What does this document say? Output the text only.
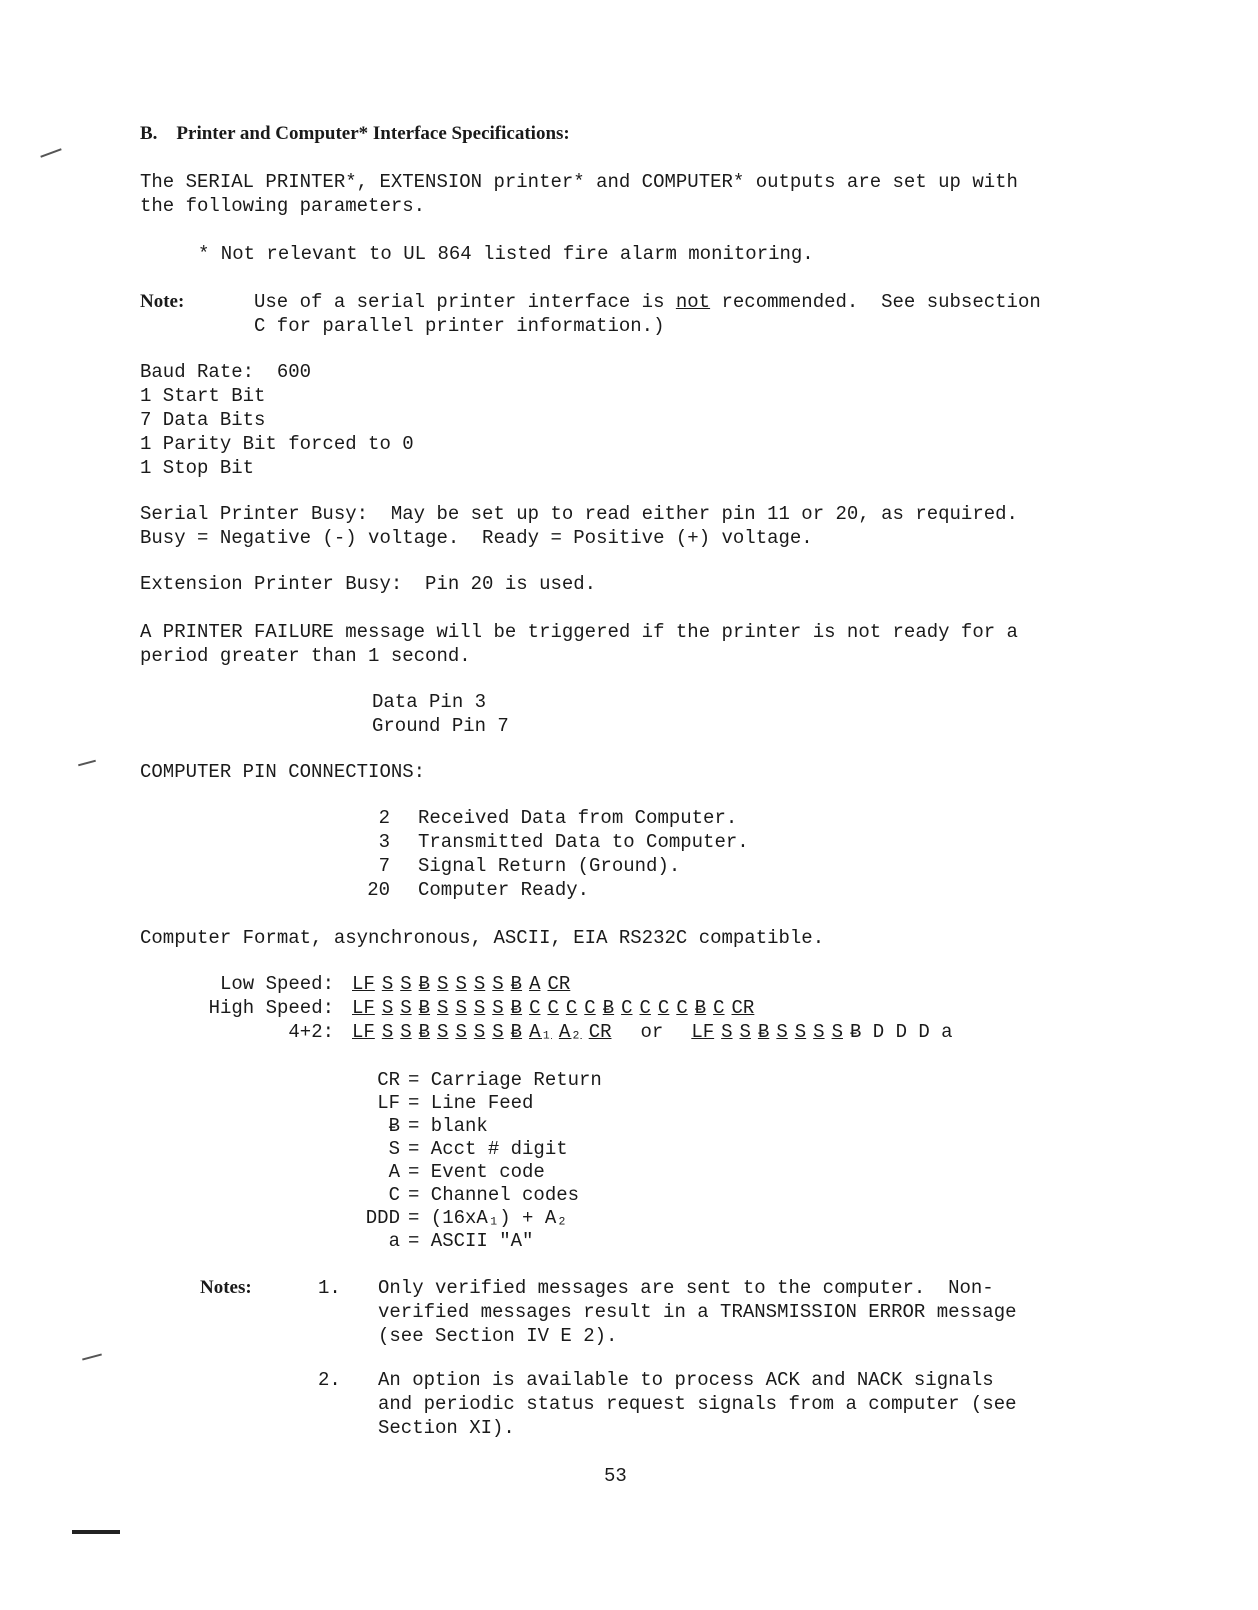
B.    Printer and Computer* Interface Specifications:
The SERIAL PRINTER*, EXTENSION printer* and COMPUTER* outputs are set up with
the following parameters.
* Not relevant to UL 864 listed fire alarm monitoring.
Note:	Use of a serial printer interface is not recommended.  See subsection
C for parallel printer information.)
Baud Rate:  600
1 Start Bit
7 Data Bits
1 Parity Bit forced to 0
1 Stop Bit
Serial Printer Busy:  May be set up to read either pin 11 or 20, as required.
Busy = Negative (-) voltage.  Ready = Positive (+) voltage.
Extension Printer Busy:  Pin 20 is used.
A PRINTER FAILURE message will be triggered if the printer is not ready for a
period greater than 1 second.
Data Pin 3
Ground Pin 7
COMPUTER PIN CONNECTIONS:
2 Received Data from Computer.
3 Transmitted Data to Computer.
7 Signal Return (Ground).
20 Computer Ready.
Computer Format, asynchronous, ASCII, EIA RS232C compatible.
Low Speed: LF S S Ƀ S S S S Ƀ A CR
High Speed: LF S S Ƀ S S S S Ƀ C C C C Ƀ C C C C Ƀ C CR
4+2: LF S S Ƀ S S S S Ƀ A₁ A₂ CR or LF S S Ƀ S S S S Ƀ D D D a
CR = Carriage Return
LF = Line Feed
Ƀ = blank
S = Acct # digit
A = Event code
C = Channel codes
DDD = (16xA₁) + A₂
a = ASCII "A"
Notes:	1. Only verified messages are sent to the computer.  Non-
verified messages result in a TRANSMISSION ERROR message
(see Section IV E 2).
2. An option is available to process ACK and NACK signals
and periodic status request signals from a computer (see
Section XI).
53
